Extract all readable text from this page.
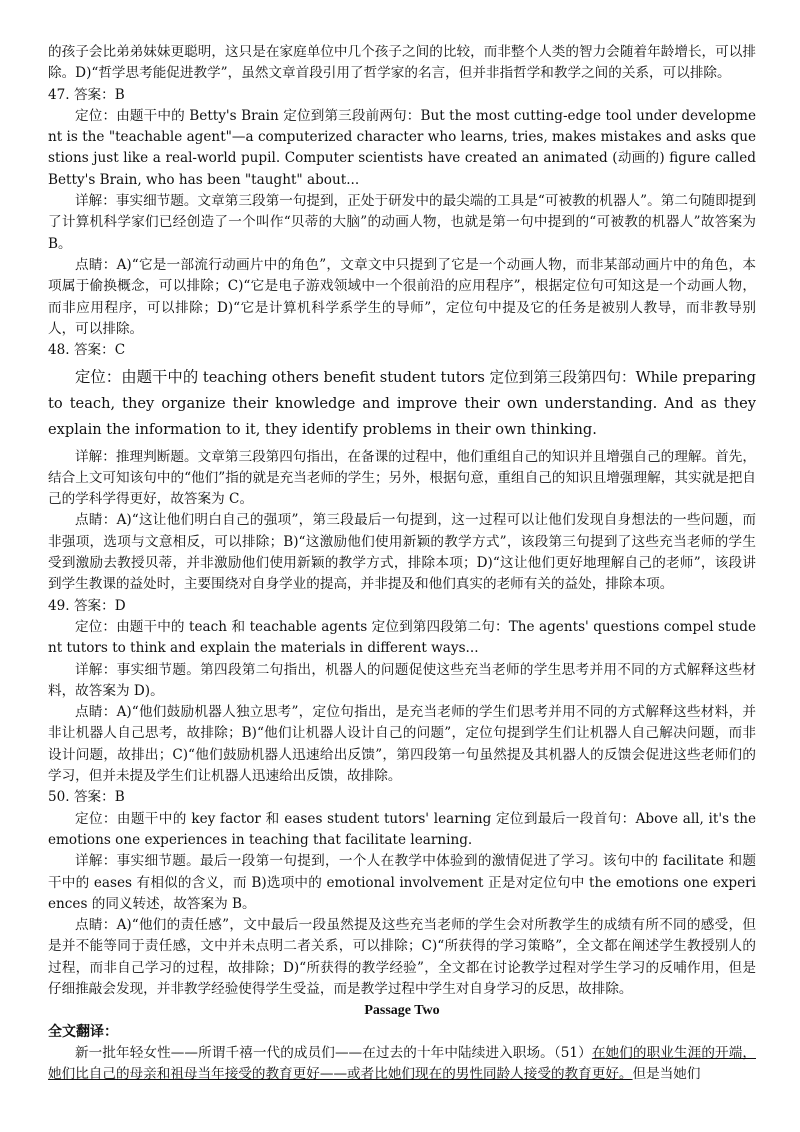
的孩子会比弟弟妹妹更聪明，这只是在家庭单位中几个孩子之间的比较，而非整个人类的智力会随着年龄增长，可以排除。D)“哲学思考能促进教学”，虽然文章首段引用了哲学家的名言，但并非指哲学和教学之间的关系，可以排除。

47. 答案：B

定位：由题干中的 Betty's Brain 定位到第三段前两句：But the most cutting-edge tool under development is the "teachable agent"—a computerized character who learns, tries, makes mistakes and asks questions just like a real-world pupil. Computer scientists have created an animated (动画的) figure called Betty's Brain, who has been "taught" about...

详解：事实细节题。文章第三段第一句提到，正处于研发中的最尖端的工具是“可被教的机器人”。第二句随即提到了计算机科学家们已经创造了一个叫作“贝蒂的大脑”的动画人物，也就是第一句中提到的“可被教的机器人”故答案为 B。

点睛：A)“它是一部流行动画片中的角色”，文章文中只提到了它是一个动画人物，而非某部动画片中的角色，本项属于偷换概念，可以排除；C)“它是电子游戏领域中一个很前沿的应用程序”，根据定位句可知这是一个动画人物，而非应用程序，可以排除；D)“它是计算机科学系学生的导师”，定位句中提及它的任务是被别人教导，而非教导别人，可以排除。

48. 答案：C

定位：由题干中的 teaching others benefit student tutors 定位到第三段第四句：While preparing to teach, they organize their knowledge and improve their own understanding. And as they explain the information to it, they identify problems in their own thinking.

详解：推理判断题。文章第三段第四句指出，在备课的过程中，他们重组自己的知识并且增强自己的理解。首先，结合上文可知该句中的“他们”指的就是充当老师的学生；另外，根据句意，重组自己的知识且增强理解，其实就是把自己的学科学得更好，故答案为 C。

点睛：A)“这让他们明白自己的强项”，第三段最后一句提到，这一过程可以让他们发现自身想法的一些问题，而非强项，选项与文意相反，可以排除；B)“这激励他们使用新颖的教学方式”，该段第三句提到了这些充当老师的学生受到激励去教授贝蒂，并非激励他们使用新颖的教学方式，排除本项；D)“这让他们更好地理解自己的老师”，该段讲到学生教课的益处时，主要围绕对自身学业的提高，并非提及和他们真实的老师有关的益处，排除本项。

49. 答案：D

定位：由题干中的 teach 和 teachable agents 定位到第四段第二句：The agents' questions compel student tutors to think and explain the materials in different ways...

详解：事实细节题。第四段第二句指出，机器人的问题促使这些充当老师的学生思考并用不同的方式解释这些材料，故答案为 D)。

点睛：A)“他们鼓励机器人独立思考”，定位句指出，是充当老师的学生们思考并用不同的方式解释这些材料，并非让机器人自己思考，故排除；B)“他们让机器人设计自己的问题”，定位句提到学生们让机器人自己解决问题，而非设计问题，故排出；C)“他们鼓励机器人迅速给出反馈”，第四段第一句虽然提及其机器人的反馈会促进这些老师们的学习，但并未提及学生们让机器人迅速给出反馈，故排除。

50. 答案：B

定位：由题干中的 key factor 和 eases student tutors' learning 定位到最后一段首句：Above all, it's the emotions one experiences in teaching that facilitate learning.

详解：事实细节题。最后一段第一句提到，一个人在教学中体验到的激情促进了学习。该句中的 facilitate 和题干中的 eases 有相似的含义，而 B)选项中的 emotional involvement 正是对定位句中 the emotions one experiences 的同义转述，故答案为 B。

点睛：A)“他们的责任感”，文中最后一段虽然提及这些充当老师的学生会对所教学生的成绩有所不同的感受，但是并不能等同于责任感，文中并未点明二者关系，可以排除；C)“所获得的学习策略”，全文都在阐述学生教授别人的过程，而非自己学习的过程，故排除；D)“所获得的教学经验”，全文都在讨论教学过程对学生学习的反哺作用，但是仔细推敲会发现，并非教学经验使得学生受益，而是教学过程中学生对自身学习的反思，故排除。

Passage Two

全文翻译：

新一批年轻女性——所谓千禧一代的成员们——在过去的十年中陆续进入职场。（51）在她们的职业生涯的开端，她们比自己的母亲和祖母当年接受的教育更好——或者比她们现在的男性同龄人接受的教育更好。但是当她们
